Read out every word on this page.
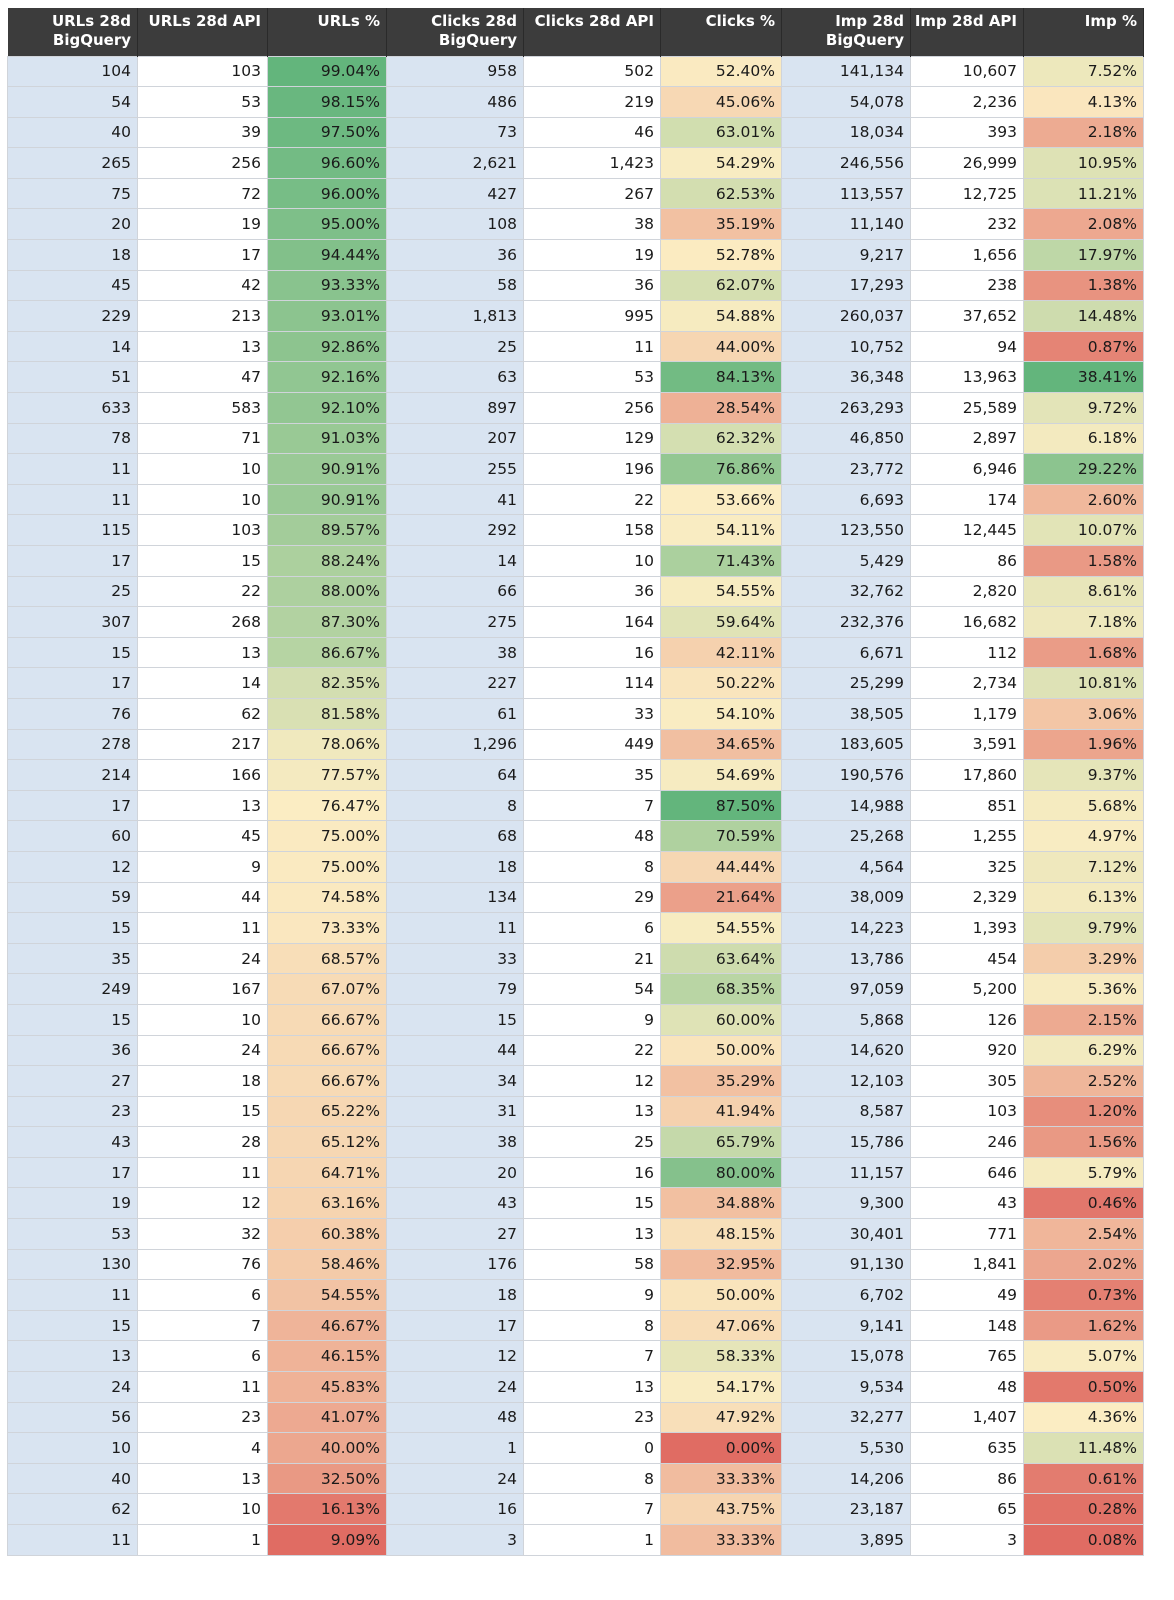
URLs 28d BigQuery	URLs 28d API	URLs %	Clicks 28d BigQuery	Clicks 28d API	Clicks %	Imp 28d BigQuery	Imp 28d API	Imp %
104	103	99.04%	958	502	52.40%	141,134	10,607	7.52%
54	53	98.15%	486	219	45.06%	54,078	2,236	4.13%
40	39	97.50%	73	46	63.01%	18,034	393	2.18%
265	256	96.60%	2,621	1,423	54.29%	246,556	26,999	10.95%
75	72	96.00%	427	267	62.53%	113,557	12,725	11.21%
20	19	95.00%	108	38	35.19%	11,140	232	2.08%
18	17	94.44%	36	19	52.78%	9,217	1,656	17.97%
45	42	93.33%	58	36	62.07%	17,293	238	1.38%
229	213	93.01%	1,813	995	54.88%	260,037	37,652	14.48%
14	13	92.86%	25	11	44.00%	10,752	94	0.87%
51	47	92.16%	63	53	84.13%	36,348	13,963	38.41%
633	583	92.10%	897	256	28.54%	263,293	25,589	9.72%
78	71	91.03%	207	129	62.32%	46,850	2,897	6.18%
11	10	90.91%	255	196	76.86%	23,772	6,946	29.22%
11	10	90.91%	41	22	53.66%	6,693	174	2.60%
115	103	89.57%	292	158	54.11%	123,550	12,445	10.07%
17	15	88.24%	14	10	71.43%	5,429	86	1.58%
25	22	88.00%	66	36	54.55%	32,762	2,820	8.61%
307	268	87.30%	275	164	59.64%	232,376	16,682	7.18%
15	13	86.67%	38	16	42.11%	6,671	112	1.68%
17	14	82.35%	227	114	50.22%	25,299	2,734	10.81%
76	62	81.58%	61	33	54.10%	38,505	1,179	3.06%
278	217	78.06%	1,296	449	34.65%	183,605	3,591	1.96%
214	166	77.57%	64	35	54.69%	190,576	17,860	9.37%
17	13	76.47%	8	7	87.50%	14,988	851	5.68%
60	45	75.00%	68	48	70.59%	25,268	1,255	4.97%
12	9	75.00%	18	8	44.44%	4,564	325	7.12%
59	44	74.58%	134	29	21.64%	38,009	2,329	6.13%
15	11	73.33%	11	6	54.55%	14,223	1,393	9.79%
35	24	68.57%	33	21	63.64%	13,786	454	3.29%
249	167	67.07%	79	54	68.35%	97,059	5,200	5.36%
15	10	66.67%	15	9	60.00%	5,868	126	2.15%
36	24	66.67%	44	22	50.00%	14,620	920	6.29%
27	18	66.67%	34	12	35.29%	12,103	305	2.52%
23	15	65.22%	31	13	41.94%	8,587	103	1.20%
43	28	65.12%	38	25	65.79%	15,786	246	1.56%
17	11	64.71%	20	16	80.00%	11,157	646	5.79%
19	12	63.16%	43	15	34.88%	9,300	43	0.46%
53	32	60.38%	27	13	48.15%	30,401	771	2.54%
130	76	58.46%	176	58	32.95%	91,130	1,841	2.02%
11	6	54.55%	18	9	50.00%	6,702	49	0.73%
15	7	46.67%	17	8	47.06%	9,141	148	1.62%
13	6	46.15%	12	7	58.33%	15,078	765	5.07%
24	11	45.83%	24	13	54.17%	9,534	48	0.50%
56	23	41.07%	48	23	47.92%	32,277	1,407	4.36%
10	4	40.00%	1	0	0.00%	5,530	635	11.48%
40	13	32.50%	24	8	33.33%	14,206	86	0.61%
62	10	16.13%	16	7	43.75%	23,187	65	0.28%
11	1	9.09%	3	1	33.33%	3,895	3	0.08%
